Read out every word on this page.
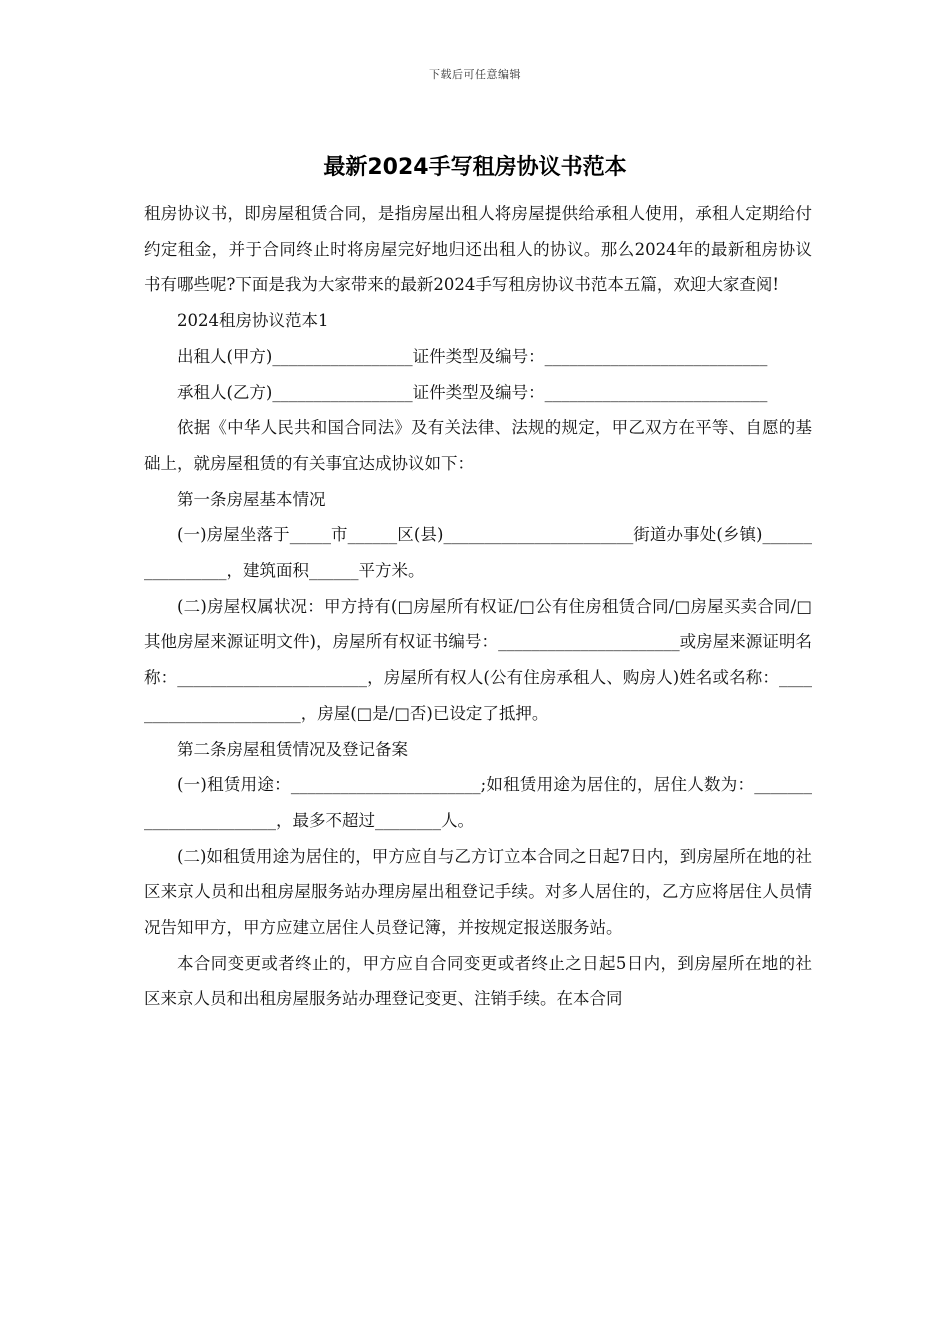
下载后可任意编辑
最新2024手写租房协议书范本

租房协议书，即房屋租赁合同，是指房屋出租人将房屋提供给承租人使用，承租人定期给付约定租金，并于合同终止时将房屋完好地归还出租人的协议。那么2024年的最新租房协议书有哪些呢?下面是我为大家带来的最新2024手写租房协议书范本五篇，欢迎大家查阅!

2024租房协议范本1

出租人(甲方)_________________证件类型及编号：___________________________

承租人(乙方)_________________证件类型及编号：___________________________

依据《中华人民共和国合同法》及有关法律、法规的规定，甲乙双方在平等、自愿的基础上，就房屋租赁的有关事宜达成协议如下：

第一条房屋基本情况

(一)房屋坐落于_____市______区(县)_______________________街道办事处(乡镇)________________，建筑面积______平方米。

(二)房屋权属状况：甲方持有(□房屋所有权证/□公有住房租赁合同/□房屋买卖合同/□其他房屋来源证明文件)，房屋所有权证书编号：______________________或房屋来源证明名称：_______________________，房屋所有权人(公有住房承租人、购房人)姓名或名称：_______________________，房屋(□是/□否)已设定了抵押。

第二条房屋租赁情况及登记备案

(一)租赁用途：_______________________;如租赁用途为居住的，居住人数为：_______________________，最多不超过________人。

(二)如租赁用途为居住的，甲方应自与乙方订立本合同之日起7日内，到房屋所在地的社区来京人员和出租房屋服务站办理房屋出租登记手续。对多人居住的，乙方应将居住人员情况告知甲方，甲方应建立居住人员登记簿，并按规定报送服务站。

本合同变更或者终止的，甲方应自合同变更或者终止之日起5日内，到房屋所在地的社区来京人员和出租房屋服务站办理登记变更、注销手续。在本合同
